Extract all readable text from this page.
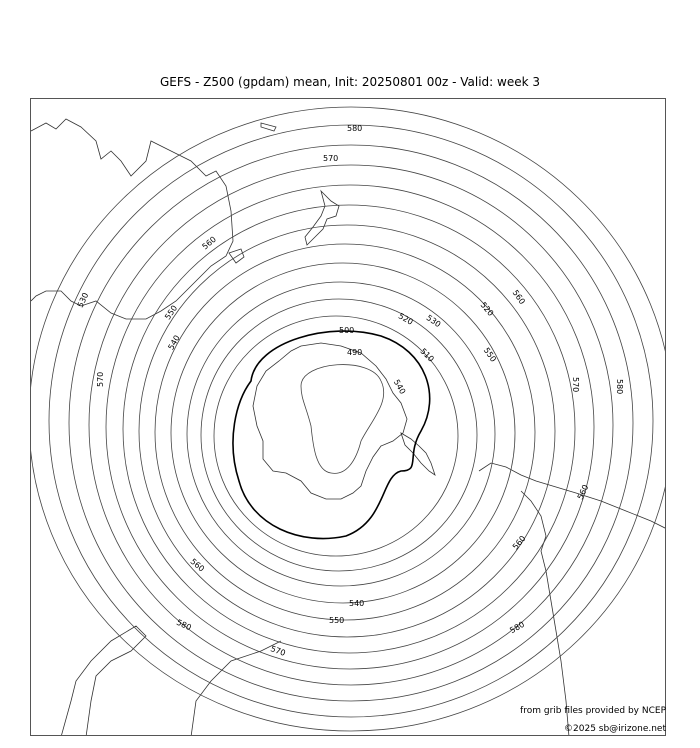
GEFS - Z500 (gpdam) mean, Init: 20250801 00z - Valid: week 3
580
570
560
550
540
530
520
510
500
490
530
520
560
550
540
560
570	580
570
560
580
570
560
550
540
580
from grib files provided by NCEP
©2025 sb@irizone.net
